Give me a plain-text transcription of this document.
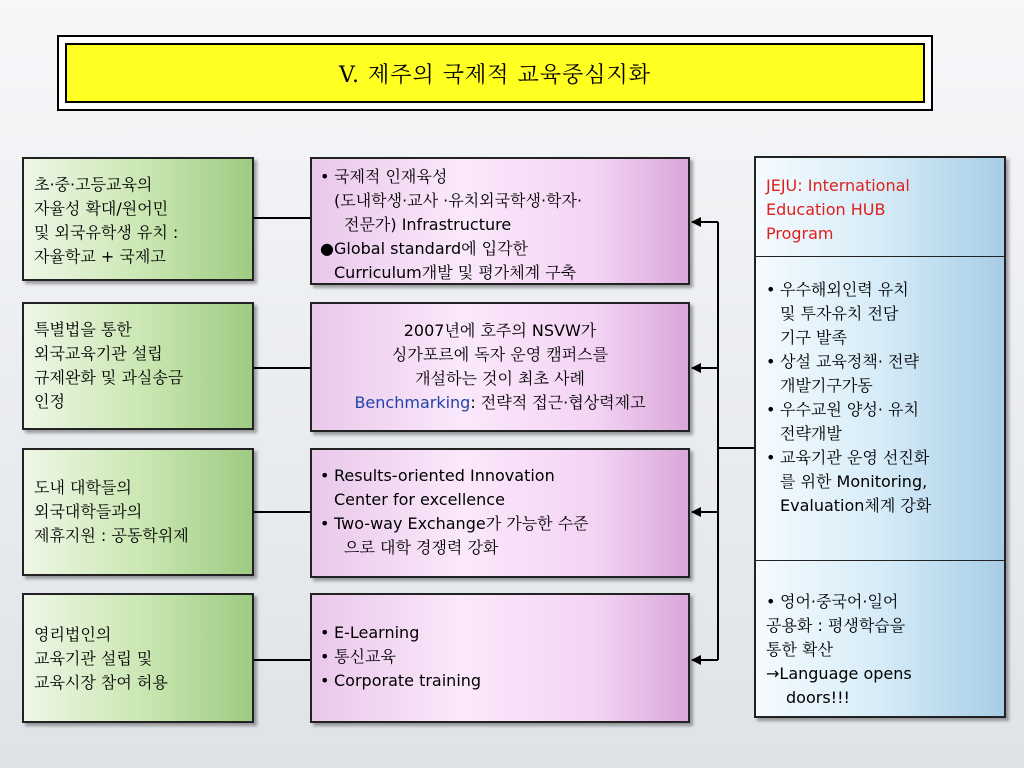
V. 제주의 국제적 교육중심지화
초·중·고등교육의
자율성 확대/원어민
및 외국유학생 유치 :
자율학교 + 국제고
특별법을 통한
외국교육기관 설립
규제완화 및 과실송금
인정
도내 대학들의
외국대학들과의
제휴지원 : 공동학위제
영리법인의
교육기관 설립 및
교육시장 참여 허용
• 국제적 인재육성
(도내학생·교사 ·유치외국학생·학자·
전문가) Infrastructure
●Global standard에 입각한
Curriculum개발 및 평가체계 구축
2007년에 호주의 NSVW가
싱가포르에 독자 운영 캠퍼스를
개설하는 것이 최초 사례
Benchmarking: 전략적 접근·협상력제고
• Results-oriented Innovation
Center for excellence
• Two-way Exchange가 가능한 수준
으로 대학 경쟁력 강화
• E-Learning
• 통신교육
• Corporate training
JEJU: International
Education HUB
Program
• 우수해외인력 유치
및 투자유치 전담
기구 발족
• 상설 교육정책· 전략
개발기구가동
• 우수교원 양성· 유치
전략개발
• 교육기관 운영 선진화
를 위한 Monitoring,
Evaluation체계 강화
• 영어·중국어·일어
공용화 : 평생학습을
통한 확산
→Language opens
doors!!!
